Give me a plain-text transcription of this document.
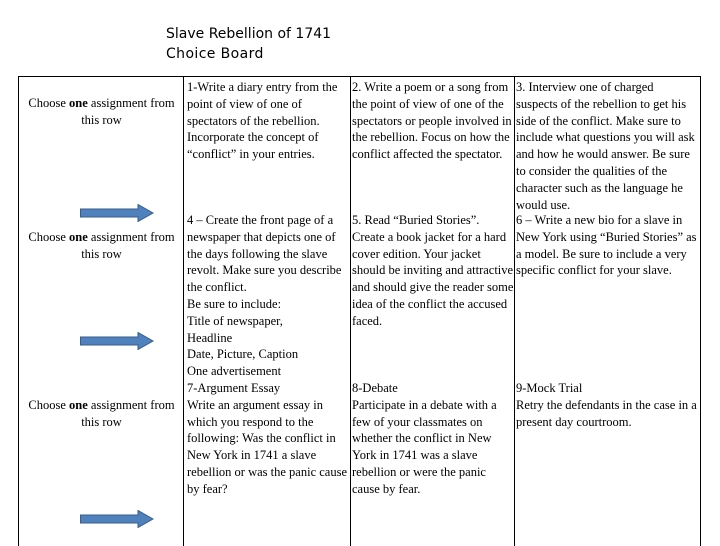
Slave Rebellion of 1741
Choice Board
Choose one assignment from this row
1-Write a diary entry from the point of view of one of spectators of the rebellion. Incorporate the concept of “conflict” in your entries.
2. Write a poem or a song from the point of view of one of the spectators or people involved in the rebellion. Focus on how the conflict affected the spectator.
3. Interview one of charged suspects of the rebellion to get his side of the conflict. Make sure to include what questions you will ask and how he would answer. Be sure to consider the qualities of the character such as the language he would use.
Choose one assignment from this row
4 – Create the front page of a newspaper that depicts one of the days following the slave revolt. Make sure you describe the conflict.
Be sure to include:
Title of newspaper,
Headline
Date, Picture, Caption
One advertisement
5. Read “Buried Stories”. Create a book jacket for a hard cover edition. Your jacket should be inviting and attractive and should give the reader some idea of the conflict the accused faced.
6 – Write a new bio for a slave in New York using “Buried Stories” as a model. Be sure to include a very specific conflict for your slave.
Choose one assignment from this row
7-Argument Essay
Write an argument essay in which you respond to the following: Was the conflict in New York in 1741 a slave rebellion or was the panic cause by fear?
8-Debate
Participate in a debate with a few of your classmates on whether the conflict in New York in 1741 was a slave rebellion or were the panic cause by fear.
9-Mock Trial
Retry the defendants in the case in a present day courtroom.
